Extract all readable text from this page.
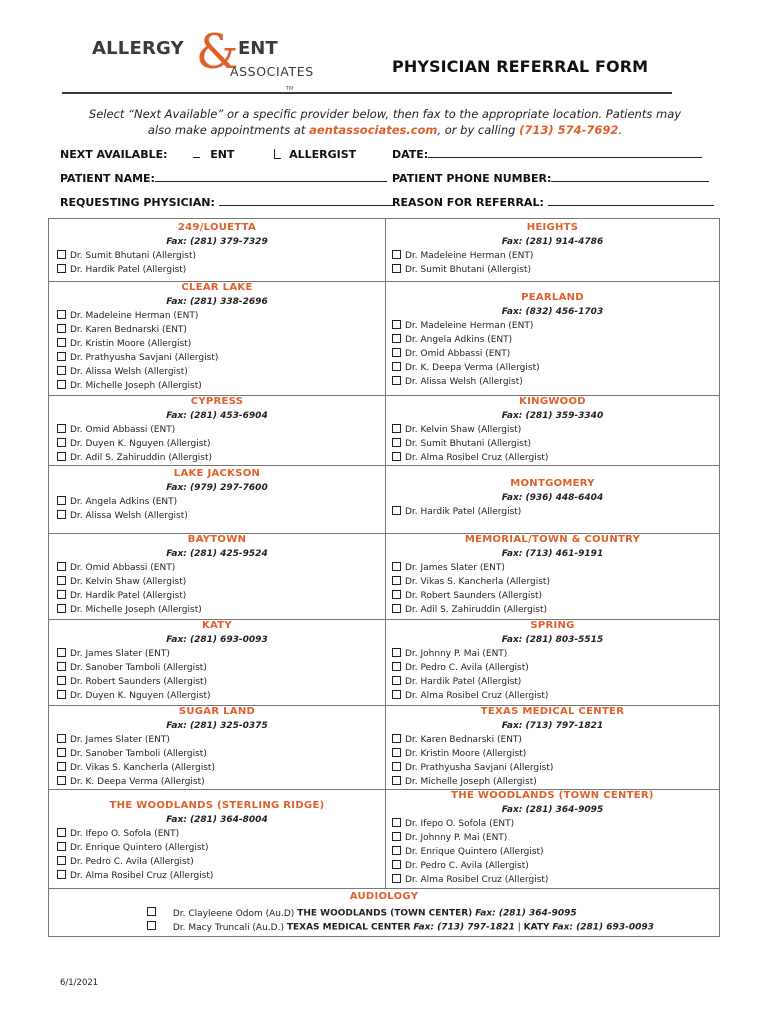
ALLERGY & ENT
ASSOCIATES
TM
PHYSICIAN REFERRAL FORM
Select “Next Available” or a specific provider below, then fax to the appropriate location. Patients may
also make appointments at aentassociates.com, or by calling (713) 574-7692.
NEXT AVAILABLE:	ENT	ALLERGIST	DATE:
PATIENT NAME:	PATIENT PHONE NUMBER:
REQUESTING PHYSICIAN:	REASON FOR REFERRAL:
249/LOUETTA
Fax: (281) 379-7329
Dr. Sumit Bhutani (Allergist)
Dr. Hardik Patel (Allergist)
CLEAR LAKE
Fax: (281) 338-2696
Dr. Madeleine Herman (ENT)
Dr. Karen Bednarski (ENT)
Dr. Kristin Moore (Allergist)
Dr. Prathyusha Savjani (Allergist)
Dr. Alissa Welsh (Allergist)
Dr. Michelle Joseph (Allergist)
CYPRESS
Fax: (281) 453-6904
Dr. Omid Abbassi (ENT)
Dr. Duyen K. Nguyen (Allergist)
Dr. Adil S. Zahiruddin (Allergist)
LAKE JACKSON
Fax: (979) 297-7600
Dr. Angela Adkins (ENT)
Dr. Alissa Welsh (Allergist)
BAYTOWN
Fax: (281) 425-9524
Dr. Omid Abbassi (ENT)
Dr. Kelvin Shaw (Allergist)
Dr. Hardik Patel (Allergist)
Dr. Michelle Joseph (Allergist)
KATY
Fax: (281) 693-0093
Dr. James Slater (ENT)
Dr. Sanober Tamboli (Allergist)
Dr. Robert Saunders (Allergist)
Dr. Duyen K. Nguyen (Allergist)
SUGAR LAND
Fax: (281) 325-0375
Dr. James Slater (ENT)
Dr. Sanober Tamboli (Allergist)
Dr. Vikas S. Kancherla (Allergist)
Dr. K. Deepa Verma (Allergist)
THE WOODLANDS (STERLING RIDGE)
Fax: (281) 364-8004
Dr. Ifepo O. Sofola (ENT)
Dr. Enrique Quintero (Allergist)
Dr. Pedro C. Avila (Allergist)
Dr. Alma Rosibel Cruz (Allergist)
HEIGHTS
Fax: (281) 914-4786
Dr. Madeleine Herman (ENT)
Dr. Sumit Bhutani (Allergist)
PEARLAND
Fax: (832) 456-1703
Dr. Madeleine Herman (ENT)
Dr. Angela Adkins (ENT)
Dr. Omid Abbassi (ENT)
Dr. K. Deepa Verma (Allergist)
Dr. Alissa Welsh (Allergist)
KINGWOOD
Fax: (281) 359-3340
Dr. Kelvin Shaw (Allergist)
Dr. Sumit Bhutani (Allergist)
Dr. Alma Rosibel Cruz (Allergist)
MONTGOMERY
Fax: (936) 448-6404
Dr. Hardik Patel (Allergist)
MEMORIAL/TOWN & COUNTRY
Fax: (713) 461-9191
Dr. James Slater (ENT)
Dr. Vikas S. Kancherla (Allergist)
Dr. Robert Saunders (Allergist)
Dr. Adil S. Zahiruddin (Allergist)
SPRING
Fax: (281) 803-5515
Dr. Johnny P. Mai (ENT)
Dr. Pedro C. Avila (Allergist)
Dr. Hardik Patel (Allergist)
Dr. Alma Rosibel Cruz (Allergist)
TEXAS MEDICAL CENTER
Fax: (713) 797-1821
Dr. Karen Bednarski (ENT)
Dr. Kristin Moore (Allergist)
Dr. Prathyusha Savjani (Allergist)
Dr. Michelle Joseph (Allergist)
THE WOODLANDS (TOWN CENTER)
Fax: (281) 364-9095
Dr. Ifepo O. Sofola (ENT)
Dr. Johnny P. Mai (ENT)
Dr. Enrique Quintero (Allergist)
Dr. Pedro C. Avila (Allergist)
Dr. Alma Rosibel Cruz (Allergist)
AUDIOLOGY
Dr. Clayleene Odom (Au.D) THE WOODLANDS (TOWN CENTER) Fax: (281) 364-9095
Dr. Macy Truncali (Au.D.) TEXAS MEDICAL CENTER Fax: (713) 797-1821 | KATY Fax: (281) 693-0093
6/1/2021
